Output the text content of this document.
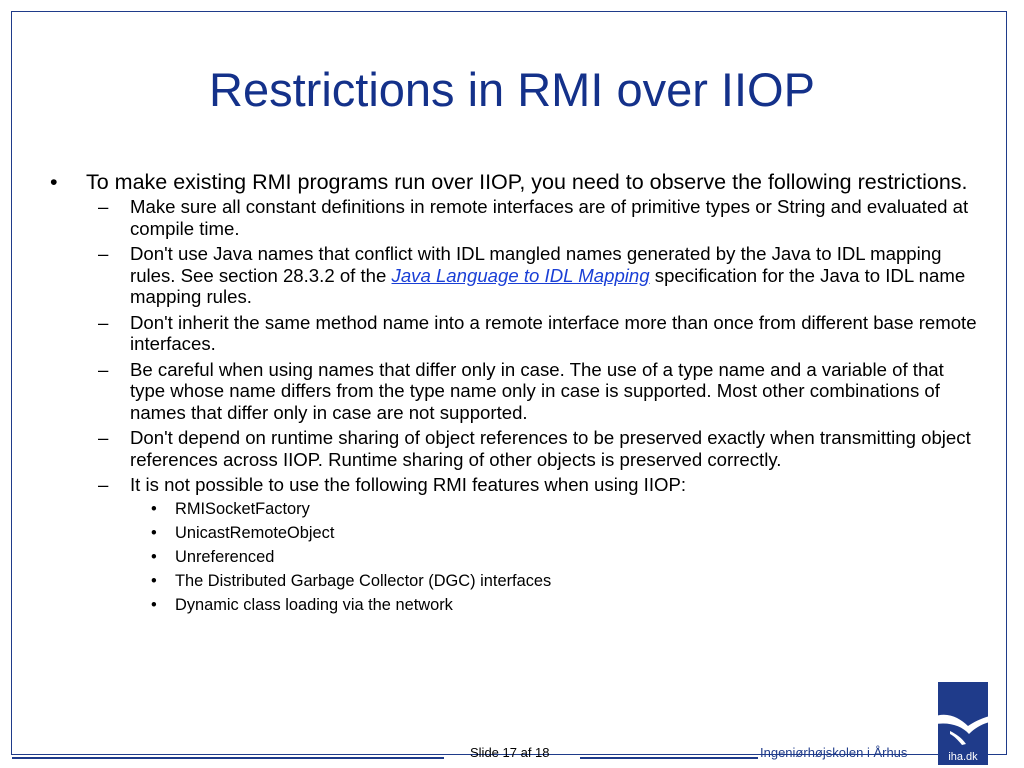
Restrictions in RMI over IIOP
• To make existing RMI programs run over IIOP, you need to observe the following restrictions.
– Make sure all constant definitions in remote interfaces are of primitive types or String and evaluated at compile time.
– Don't use Java names that conflict with IDL mangled names generated by the Java to IDL mapping rules. See section 28.3.2 of the Java Language to IDL Mapping specification for the Java to IDL name mapping rules.
– Don't inherit the same method name into a remote interface more than once from different base remote interfaces.
– Be careful when using names that differ only in case. The use of a type name and a variable of that type whose name differs from the type name only in case is supported. Most other combinations of names that differ only in case are not supported.
– Don't depend on runtime sharing of object references to be preserved exactly when transmitting object references across IIOP. Runtime sharing of other objects is preserved correctly.
– It is not possible to use the following RMI features when using IIOP:
• RMISocketFactory
• UnicastRemoteObject
• Unreferenced
• The Distributed Garbage Collector (DGC) interfaces
• Dynamic class loading via the network
Slide 17 af 18	Ingeniørhøjskolen i Århus	iha.dk
